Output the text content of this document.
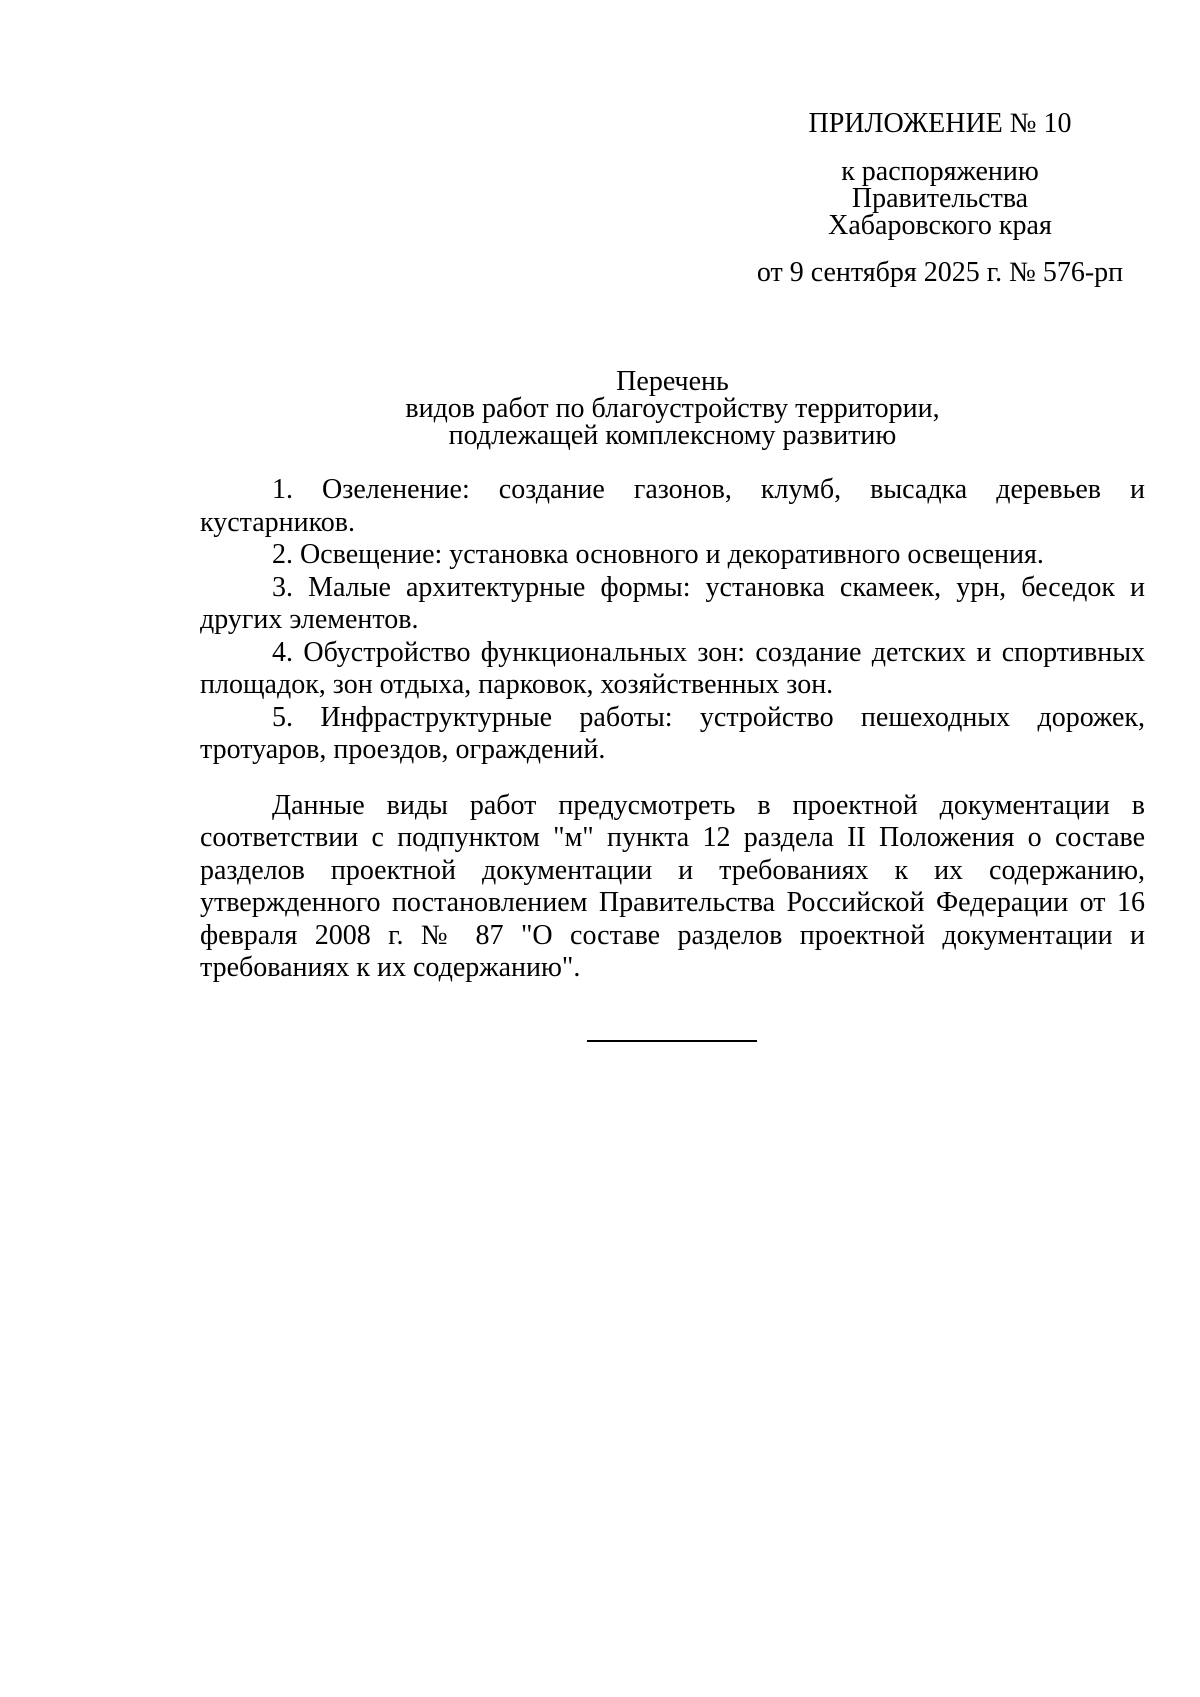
ПРИЛОЖЕНИЕ № 10
к распоряжению
Правительства
Хабаровского края
от 9 сентября 2025 г. № 576-рп
Перечень
видов работ по благоустройству территории,
подлежащей комплексному развитию

1. Озеленение: создание газонов, клумб, высадка деревьев и кустарников.

2. Освещение: установка основного и декоративного освещения.

3. Малые архитектурные формы: установка скамеек, урн, беседок и других элементов.

4. Обустройство функциональных зон: создание детских и спортивных площадок, зон отдыха, парковок, хозяйственных зон.

5. Инфраструктурные работы: устройство пешеходных дорожек, тротуаров, проездов, ограждений.

Данные виды работ предусмотреть в проектной документации в соответствии с подпунктом "м" пункта 12 раздела II Положения о составе разделов проектной документации и требованиях к их содержанию, утвержденного постановлением Правительства Российской Федерации от 16 февраля 2008 г. № 87 "О составе разделов проектной документации и требованиях к их содержанию".
